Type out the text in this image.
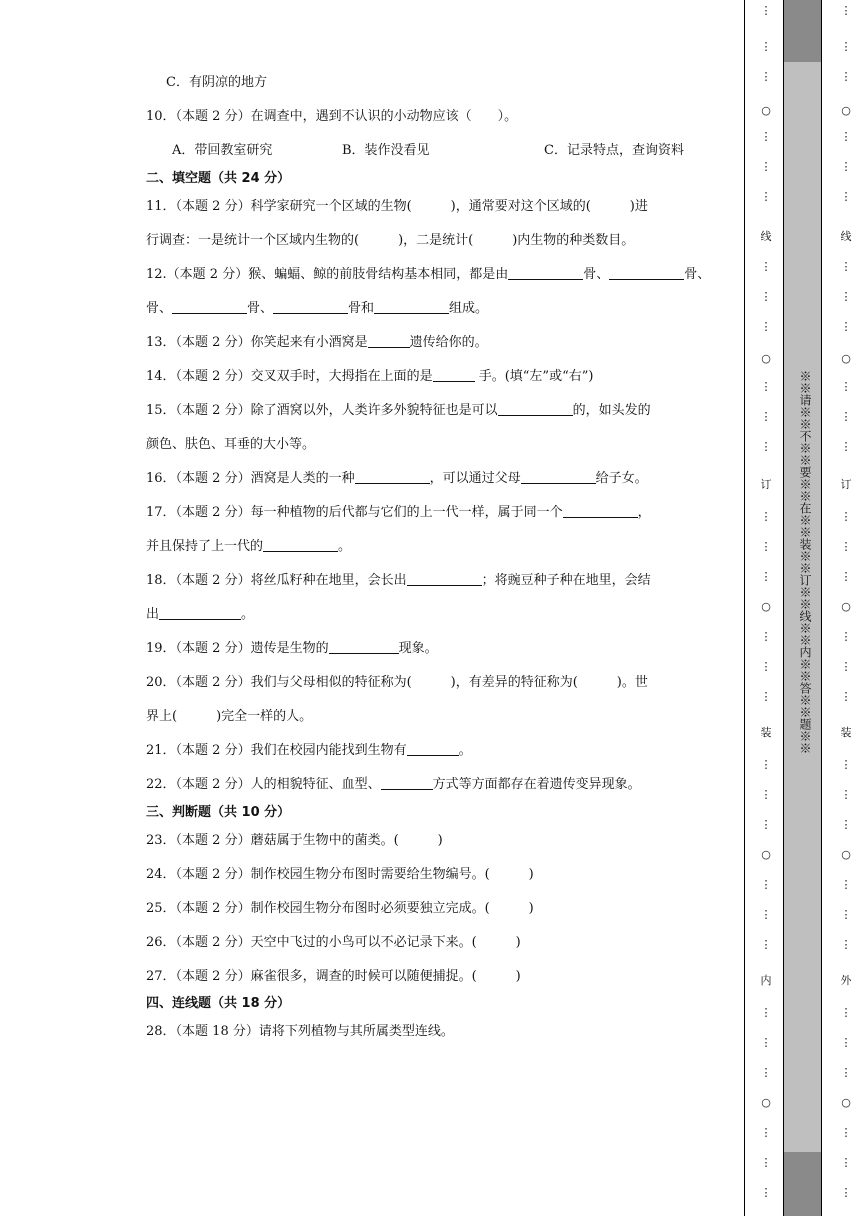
C．有阴凉的地方
10．（本题 2 分）在调查中，遇到不认识的小动物应该（　　）。
A．带回教室研究	B．装作没看见	C．记录特点，查询资料
二、填空题（共 24 分）
11．（本题 2 分）科学家研究一个区域的生物(　　　)，通常要对这个区域的(　　　)进
行调查：一是统计一个区域内生物的(　　　)，二是统计(　　　)内生物的种类数目。
12.（本题 2 分）猴、蝙蝠、鲸的前肢骨结构基本相同，都是由	骨、	骨、
骨、	骨、	骨和	组成。
13．（本题 2 分）你笑起来有小酒窝是	遗传给你的。
14．（本题 2 分）交叉双手时，大拇指在上面的是	手。(填“左”或“右”)
15．（本题 2 分）除了酒窝以外，人类许多外貌特征也是可以	的，如头发的
颜色、肤色、耳垂的大小等。
16．（本题 2 分）酒窝是人类的一种	，可以通过父母	给子女。
17．（本题 2 分）每一种植物的后代都与它们的上一代一样，属于同一个	，
并且保持了上一代的	。
18．（本题 2 分）将丝瓜籽种在地里，会长出	；将豌豆种子种在地里，会结
出	。
19．（本题 2 分）遗传是生物的	现象。
20．（本题 2 分）我们与父母相似的特征称为(　　　)，有差异的特征称为(　　　)。世
界上(　　　)完全一样的人。
21．（本题 2 分）我们在校园内能找到生物有	。
22．（本题 2 分）人的相貌特征、血型、	方式等方面都存在着遗传变异现象。
三、判断题（共 10 分）
23．（本题 2 分）蘑菇属于生物中的菌类。(　　　)
24．（本题 2 分）制作校园生物分布图时需要给生物编号。(　　　)
25．（本题 2 分）制作校园生物分布图时必须要独立完成。(　　　)
26．（本题 2 分）天空中飞过的小鸟可以不必记录下来。(　　　)
27．（本题 2 分）麻雀很多，调查的时候可以随便捕捉。(　　　)
四、连线题（共 18 分）
28．（本题 18 分）请将下列植物与其所属类型连线。
⋮
⋮
⋮
○
⋮
⋮
⋮
线
⋮
⋮
⋮
○
⋮
⋮
⋮
订
⋮
⋮
⋮
○
⋮
⋮
⋮
装
⋮
⋮
⋮
○
⋮
⋮
⋮
内
⋮
⋮
⋮
○
⋮
⋮
⋮
※※请※※不※※要※※在※※装※※订※※线※※内※※答※※题※※
⋮
⋮
⋮
○
⋮
⋮
⋮
线
⋮
⋮
⋮
○
⋮
⋮
⋮
订
⋮
⋮
⋮
○
⋮
⋮
⋮
装
⋮
⋮
⋮
○
⋮
⋮
⋮
外
⋮
⋮
⋮
○
⋮
⋮
⋮
